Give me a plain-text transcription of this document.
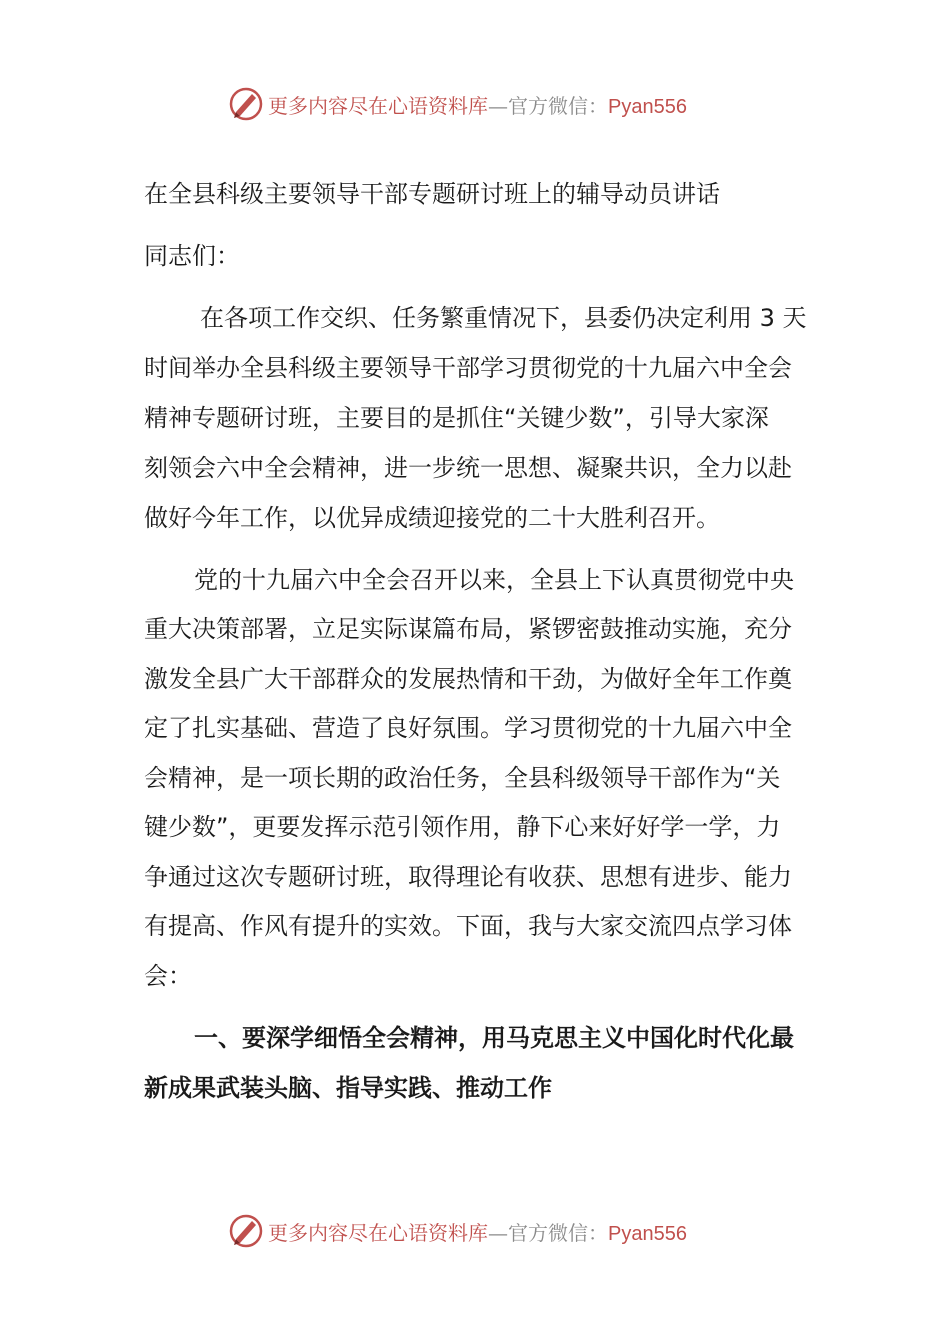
更多内容尽在心语资料库—官方微信：Pyan556
在全县科级主要领导干部专题研讨班上的辅导动员讲话
同志们：
在各项工作交织、任务繁重情况下，县委仍决定利用 3 天
时间举办全县科级主要领导干部学习贯彻党的十九届六中全会
精神专题研讨班，主要目的是抓住“关键少数”，引导大家深
刻领会六中全会精神，进一步统一思想、凝聚共识，全力以赴
做好今年工作，以优异成绩迎接党的二十大胜利召开。
党的十九届六中全会召开以来，全县上下认真贯彻党中央
重大决策部署，立足实际谋篇布局，紧锣密鼓推动实施，充分
激发全县广大干部群众的发展热情和干劲，为做好全年工作奠
定了扎实基础、营造了良好氛围。学习贯彻党的十九届六中全
会精神，是一项长期的政治任务，全县科级领导干部作为“关
键少数”，更要发挥示范引领作用，静下心来好好学一学，力
争通过这次专题研讨班，取得理论有收获、思想有进步、能力
有提高、作风有提升的实效。下面，我与大家交流四点学习体
会：
一、要深学细悟全会精神，用马克思主义中国化时代化最
新成果武装头脑、指导实践、推动工作
更多内容尽在心语资料库—官方微信：Pyan556
